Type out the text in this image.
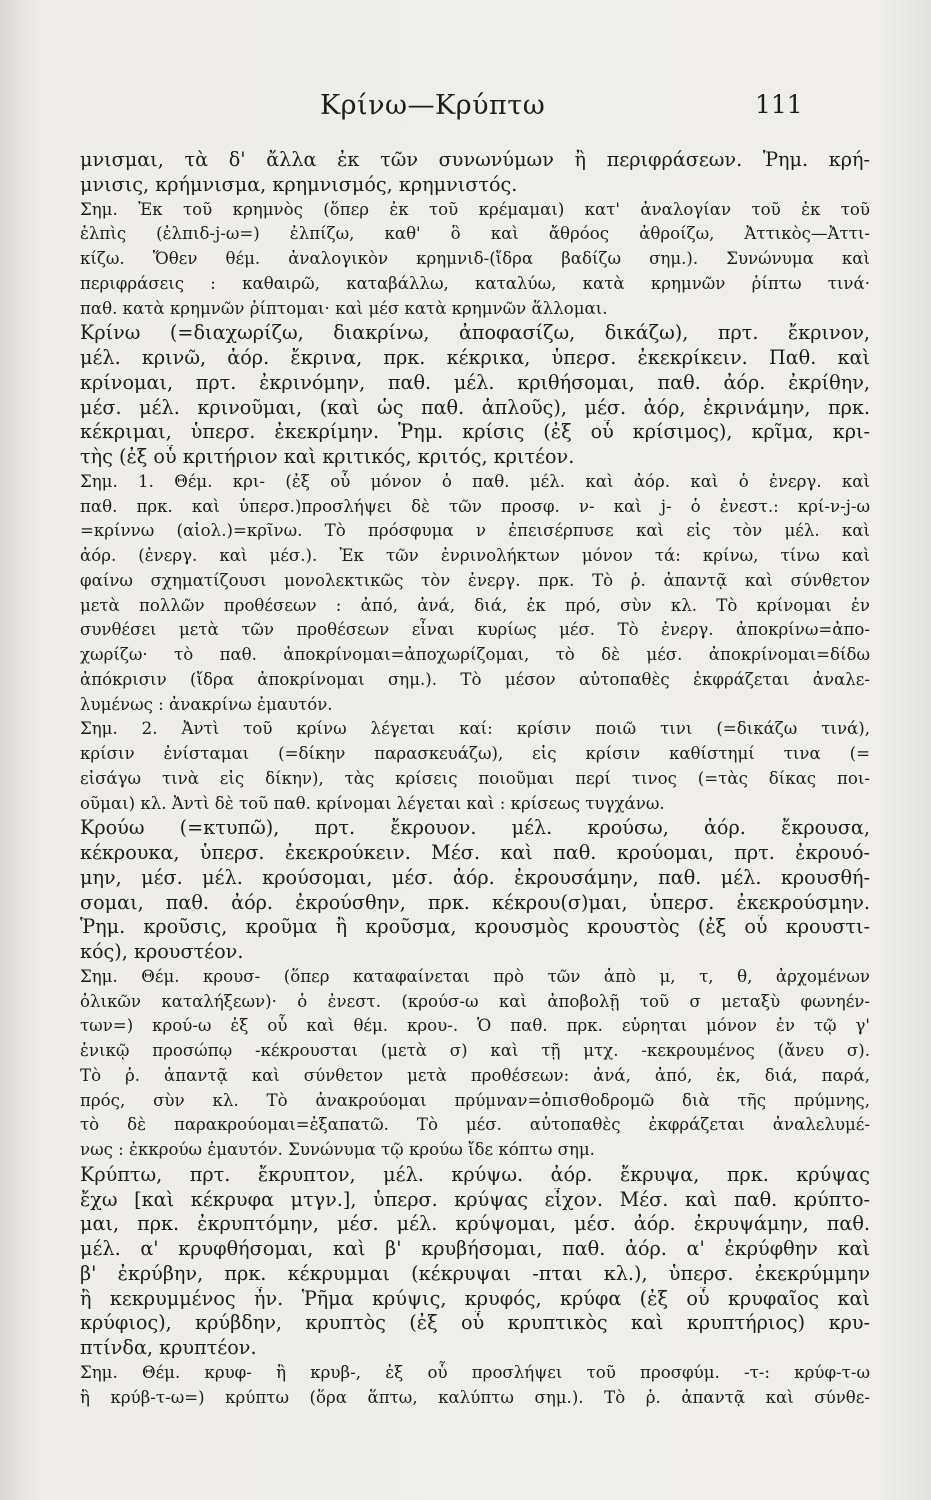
Κρίνω—Κρύπτω	111
μνισμαι, τὰ δ' ἄλλα ἐκ τῶν συνωνύμων ἢ περιφράσεων. Ῥημ. κρή-
μνισις, κρήμνισμα, κρημνισμός, κρημνιστός.
Σημ. Ἐκ τοῦ κρημνὸς (ὅπερ ἐκ τοῦ κρέμαμαι) κατ' ἀναλογίαν τοῦ ἐκ τοῦ
ἐλπὶς (ἐλπιδ-j-ω=) ἐλπίζω, καθ' ὃ καὶ ἄθρόος ἀθροίζω, Ἀττικὸς—Ἀττι-
κίζω. Ὅθεν θέμ. ἀναλογικὸν κρημνιδ-(ἴδρα βαδίζω σημ.). Συνώνυμα καὶ
περιφράσεις : καθαιρῶ, καταβάλλω, καταλύω, κατὰ κρημνῶν ῥίπτω τινά·
παθ. κατὰ κρημνῶν ῥίπτομαι· καὶ μέσ κατὰ κρημνῶν ἅλλομαι.
Κρίνω (=διαχωρίζω, διακρίνω, ἀποφασίζω, δικάζω), πρτ. ἔκρινον,
μέλ. κρινῶ, ἀόρ. ἔκρινα, πρκ. κέκρικα, ὑπερσ. ἐκεκρίκειν. Παθ. καὶ
κρίνομαι, πρτ. ἐκρινόμην, παθ. μέλ. κριθήσομαι, παθ. ἀόρ. ἐκρίθην,
μέσ. μέλ. κρινοῦμαι, (καὶ ὡς παθ. ἁπλοῦς), μέσ. ἀόρ, ἐκρινάμην, πρκ.
κέκριμαι, ὑπερσ. ἐκεκρίμην. Ῥημ. κρίσις (ἐξ οὗ κρίσιμος), κρῖμα, κρι-
τὴς (ἐξ οὗ κριτήριον καὶ κριτικός, κριτός, κριτέον.
Σημ. 1. Θέμ. κρι- (ἐξ οὗ μόνον ὁ παθ. μέλ. καὶ ἀόρ. καὶ ὁ ἐνεργ. καὶ
παθ. πρκ. καὶ ὑπερσ.)προσλήψει δὲ τῶν προσφ. ν- καὶ j- ὁ ἐνεστ.: κρί-ν-j-ω
=κρίννω (αἰολ.)=κρῖνω. Τὸ πρόσφυμα ν ἐπεισέρπυσε καὶ εἰς τὸν μέλ. καὶ
ἀόρ. (ἐνεργ. καὶ μέσ.). Ἐκ τῶν ἐνρινολήκτων μόνον τά: κρίνω, τίνω καὶ
φαίνω σχηματίζουσι μονολεκτικῶς τὸν ἐνεργ. πρκ. Τὸ ῥ. ἀπαντᾷ καὶ σύνθετον
μετὰ πολλῶν προθέσεων : ἀπό, ἀνά, διά, ἐκ πρό, σὺν κλ. Τὸ κρίνομαι ἐν
συνθέσει μετὰ τῶν προθέσεων εἶναι κυρίως μέσ. Τὸ ἐνεργ. ἀποκρίνω=ἀπο-
χωρίζω· τὸ παθ. ἀποκρίνομαι=ἀποχωρίζομαι, τὸ δὲ μέσ. ἀποκρίνομαι=δίδω
ἀπόκρισιν (ἴδρα ἀποκρίνομαι σημ.). Τὸ μέσον αὐτοπαθὲς ἐκφράζεται ἀναλε-
λυμένως : ἀνακρίνω ἐμαυτόν.
Σημ. 2. Ἀντὶ τοῦ κρίνω λέγεται καί: κρίσιν ποιῶ τινι (=δικάζω τινά),
κρίσιν ἐνίσταμαι (=δίκην παρασκευάζω), εἰς κρίσιν καθίστημί τινα (=
εἰσάγω τινὰ εἰς δίκην), τὰς κρίσεις ποιοῦμαι περί τινος (=τὰς δίκας ποι-
οῦμαι) κλ. Ἀντὶ δὲ τοῦ παθ. κρίνομαι λέγεται καὶ : κρίσεως τυγχάνω.
Κρούω (=κτυπῶ), πρτ. ἔκρουον. μέλ. κρούσω, ἀόρ. ἔκρουσα,
κέκρουκα, ὑπερσ. ἐκεκρούκειν. Μέσ. καὶ παθ. κρούομαι, πρτ. ἐκρουό-
μην, μέσ. μέλ. κρούσομαι, μέσ. ἀόρ. ἐκρουσάμην, παθ. μέλ. κρουσθή-
σομαι, παθ. ἀόρ. ἐκρούσθην, πρκ. κέκρου(σ)μαι, ὑπερσ. ἐκεκρούσμην.
Ῥημ. κροῦσις, κροῦμα ἢ κροῦσμα, κρουσμὸς κρουστὸς (ἐξ οὗ κρουστι-
κός), κρουστέον.
Σημ. Θέμ. κρουσ- (ὅπερ καταφαίνεται πρὸ τῶν ἀπὸ μ, τ, θ, ἀρχομένων
ὀλικῶν καταλήξεων)· ὁ ἐνεστ. (κρούσ-ω καὶ ἀποβολῇ τοῦ σ μεταξὺ φωνηέν-
των=) κρού-ω ἐξ οὗ καὶ θέμ. κρου-. Ὁ παθ. πρκ. εὑρηται μόνον ἐν τῷ γ'
ἑνικῷ προσώπῳ -κέκρουσται (μετὰ σ) καὶ τῇ μτχ. -κεκρουμένος (ἄνευ σ).
Τὸ ῥ. ἀπαντᾷ καὶ σύνθετον μετὰ προθέσεων: ἀνά, ἀπό, ἐκ, διά, παρά,
πρός, σὺν κλ. Τὸ ἀνακρούομαι πρύμναν=ὀπισθοδρομῶ διὰ τῆς πρύμνης,
τὸ δὲ παρακρούομαι=ἐξαπατῶ. Τὸ μέσ. αὐτοπαθὲς ἐκφράζεται ἀναλελυμέ-
νως : ἐκκρούω ἐμαυτόν. Συνώνυμα τῷ κρούω ἴδε κόπτω σημ.
Κρύπτω, πρτ. ἔκρυπτον, μέλ. κρύψω. ἀόρ. ἔκρυψα, πρκ. κρύψας
ἔχω [καὶ κέκρυφα μτγν.], ὑπερσ. κρύψας εἶχον. Μέσ. καὶ παθ. κρύπτο-
μαι, πρκ. ἐκρυπτόμην, μέσ. μέλ. κρύψομαι, μέσ. ἀόρ. ἐκρυψάμην, παθ.
μέλ. α' κρυφθήσομαι, καὶ β' κρυβήσομαι, παθ. ἀόρ. α' ἐκρύφθην καὶ
β' ἐκρύβην, πρκ. κέκρυμμαι (κέκρυψαι -πται κλ.), ὑπερσ. ἐκεκρύμμην
ἢ κεκρυμμένος ἦν. Ῥῆμα κρύψις, κρυφός, κρύφα (ἐξ οὗ κρυφαῖος καὶ
κρύφιος), κρύβδην, κρυπτὸς (ἐξ οὗ κρυπτικὸς καὶ κρυπτήριος) κρυ-
πτίνδα, κρυπτέον.
Σημ. Θέμ. κρυφ- ἢ κρυβ-, ἐξ οὗ προσλήψει τοῦ προσφύμ. -τ-: κρύφ-τ-ω
ἢ κρύβ-τ-ω=) κρύπτω (ὅρα ἅπτω, καλύπτω σημ.). Τὸ ῥ. ἀπαντᾷ καὶ σύνθε-
